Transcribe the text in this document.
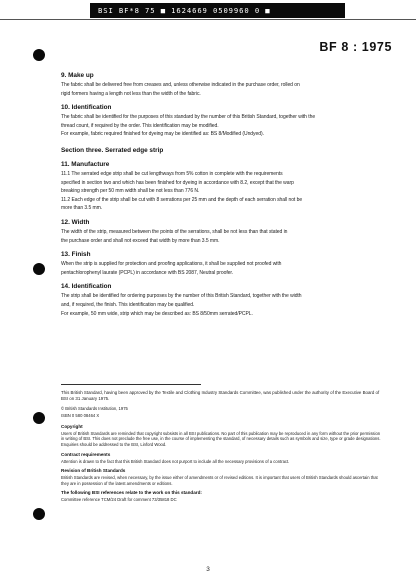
BSI BF*8 75 ■ 1624669 0509960 0 ■
BF 8 : 1975
9. Make up
The fabric shall be delivered free from creases and, unless otherwise indicated in the purchase order, rolled on
rigid formers having a length not less than the width of the fabric.
10. Identification
The fabric shall be identified for the purposes of this standard by the number of this British Standard, together with the
thread count, if required by the order. This identification may be modified.
For example, fabric required finished for dyeing may be identified as: BS 8/Modified (Undyed).
Section three. Serrated edge strip
11. Manufacture
11.1 The serrated edge strip shall be cut lengthways from 5% cotton in complete with the requirements
specified in section two and which has been finished for dyeing in accordance with 8.2, except that the warp
breaking strength per 50 mm width shall be not less than 776 N.
11.2 Each edge of the strip shall be cut with 8 serrations per 25 mm and the depth of each serration shall not be
more than 3.5 mm.
12. Width
The width of the strip, measured between the points of the serrations, shall be not less than that stated in
the purchase order and shall not exceed that width by more than 3.5 mm.
13. Finish
When the strip is supplied for protection and proofing applications, it shall be supplied not proofed with
pentachlorophenyl laurate (PCPL) in accordance with BS 2087, Neutral proofer.
14. Identification
The strip shall be identified for ordering purposes by the number of this British Standard, together with the width
and, if required, the finish. This identification may be qualified.
For example, 50 mm wide, strip which may be described as: BS 8/50mm serrated/PCPL.
This British Standard, having been approved by the Textile and Clothing Industry Standards Committee, was published under the authority of the Executive Board of BSI on 31 January 1975.
© British Standards Institution, 1975
ISBN 0 580 08464 X
Copyright
Users of British Standards are reminded that copyright subsists in all BSI publications. No part of this publication may be reproduced in any form without the prior permission in writing of BSI. This does not preclude the free use, in the course of implementing the standard, of necessary details such as symbols and size, type or grade designations. Enquiries should be addressed to the BSI, Linford Wood.
Contract requirements
Attention is drawn to the fact that this British Standard does not purport to include all the necessary provisions of a contract.
Revision of British Standards
British Standards are revised, when necessary, by the issue either of amendments or of revised editions. It is important that users of British Standards should ascertain that they are in possession of the latest amendments or editions.
The following BSI references relate to the work on this standard:
Committee reference TCM/24 Draft for comment 73/35818 DC
3
